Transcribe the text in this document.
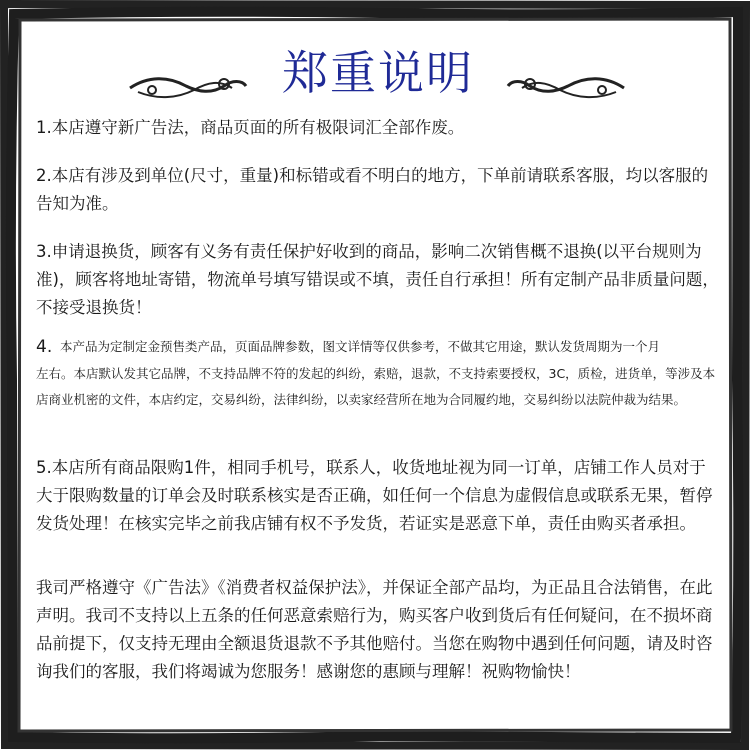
郑重说明

1.本店遵守新广告法，商品页面的所有极限词汇全部作废。

2.本店有涉及到单位(尺寸，重量)和标错或看不明白的地方，下单前请联系客服，均以客服的告知为准。

3.申请退换货，顾客有义务有责任保护好收到的商品，影响二次销售概不退换(以平台规则为准)，顾客将地址寄错，物流单号填写错误或不填，责任自行承担！所有定制产品非质量问题，不接受退换货！

4. 本产品为定制定金预售类产品，页面品牌参数，图文详情等仅供参考，不做其它用途，默认发货周期为一个月
左右。本店默认发其它品牌，不支持品牌不符的发起的纠纷，索赔，退款，不支持索要授权，3C，质检，进货单，等涉及本店商业机密的文件，本店约定，交易纠纷，法律纠纷，以卖家经营所在地为合同履约地，交易纠纷以法院仲裁为结果。

5.本店所有商品限购1件，相同手机号，联系人，收货地址视为同一订单，店铺工作人员对于大于限购数量的订单会及时联系核实是否正确，如任何一个信息为虚假信息或联系无果，暂停发货处理！在核实完毕之前我店铺有权不予发货，若证实是恶意下单，责任由购买者承担。

我司严格遵守《广告法》《消费者权益保护法》，并保证全部产品均，为正品且合法销售，在此声明。我司不支持以上五条的任何恶意索赔行为，购买客户收到货后有任何疑问，在不损坏商品前提下，仅支持无理由全额退货退款不予其他赔付。当您在购物中遇到任何问题，请及时咨询我们的客服，我们将竭诚为您服务！感谢您的惠顾与理解！祝购物愉快！
